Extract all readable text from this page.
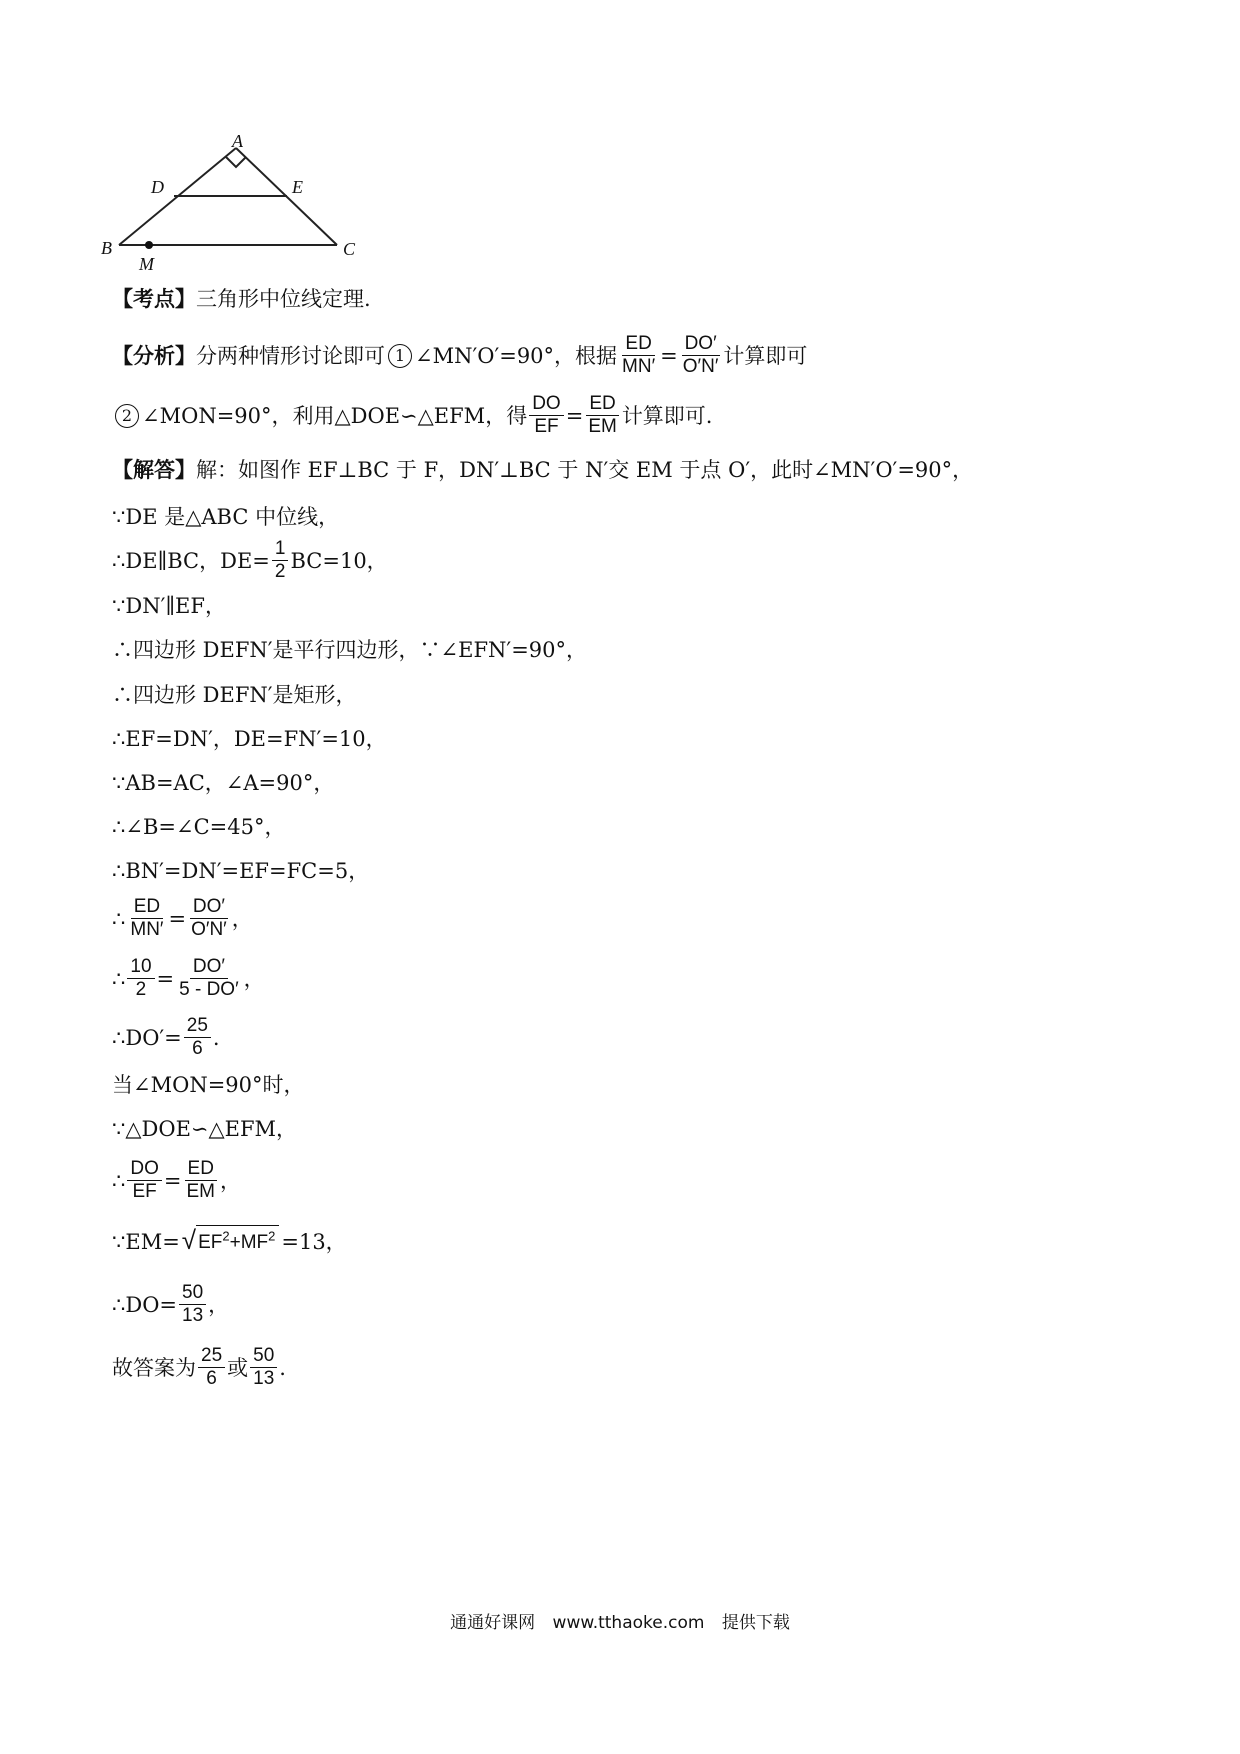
A
D	E
B	C
M
【考点】 三角形中位线定理.
【分析】 分两种情形讨论即可 1 ∠MN′O′=90°，根据 $\frac{ED}{MN'} = \frac{DO'}{O'N'}$ 计算即可
2 ∠MON=90°，利用△DOE∽△EFM，得 $\frac{DO}{EF} = \frac{ED}{EM}$ 计算即可.
【解答】 解：如图作 EF⊥BC 于 F，DN′⊥BC 于 N′交 EM 于点 O′，此时∠MN′O′=90°，
∵DE 是△ABC 中位线，
∴DE∥BC，$DE= \frac{1}{2} BC=10$，
∵DN′∥EF，
∴四边形 DEFN′是平行四边形，∵∠EFN′=90°，
∴四边形 DEFN′是矩形，
∴EF=DN′，DE=FN′=10，
∵AB=AC，∠A=90°，
∴∠B=∠C=45°，
∴BN′=DN′=EF=FC=5，
∴ $\frac{ED}{MN'} = \frac{DO'}{O'N'}$ ，
∴ $\frac{10}{2} = \frac{DO'}{5 - DO'}$ ，
∴DO′= $\frac{25}{6}$ .
当∠MON=90°时，
∵△DOE∽△EFM，
∴ $\frac{DO}{EF} = \frac{ED}{EM}$ ，
∵EM= √ $EF^2+MF^2 =13$，
∴DO= $\frac{50}{13}$ ，
故答案为 $\frac{25}{6}$ 或 $\frac{50}{13}$ .
通通好课网 www.tthaoke.com 提供下载
